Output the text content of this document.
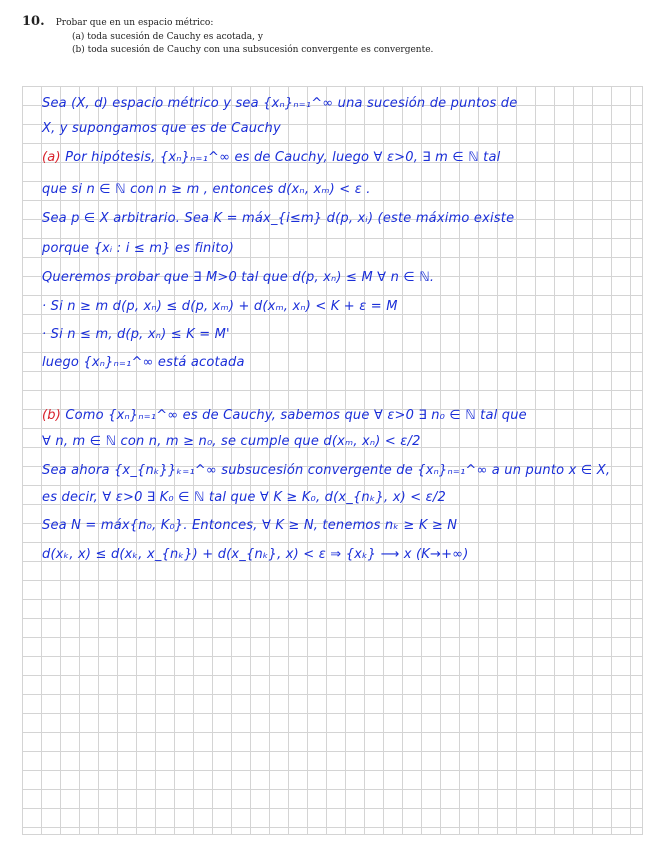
10. Probar que en un espacio métrico:
(a) toda sucesión de Cauchy es acotada, y
(b) toda sucesión de Cauchy con una subsucesión convergente es convergente.
Sea (X, d) espacio métrico y sea {xₙ}ₙ₌₁^∞ una sucesión de puntos de
X, y supongamos que es de Cauchy
(a) Por hipótesis, {xₙ}ₙ₌₁^∞ es de Cauchy, luego ∀ ε>0, ∃ m ∈ ℕ tal
que si n ∈ ℕ con n ≥ m , entonces d(xₙ, xₘ) < ε .
Sea p ∈ X arbitrario. Sea K = máx_{i≤m} d(p, xᵢ) (este máximo existe
porque {xᵢ : i ≤ m} es finito)
Queremos probar que ∃ M>0 tal que d(p, xₙ) ≤ M ∀ n ∈ ℕ.
· Si n ≥ m d(p, xₙ) ≤ d(p, xₘ) + d(xₘ, xₙ) < K + ε = M
· Si n ≤ m, d(p, xₙ) ≤ K = M'
luego {xₙ}ₙ₌₁^∞ está acotada
(b) Como {xₙ}ₙ₌₁^∞ es de Cauchy, sabemos que ∀ ε>0 ∃ n₀ ∈ ℕ tal que
∀ n, m ∈ ℕ con n, m ≥ n₀, se cumple que d(xₘ, xₙ) < ε/2
Sea ahora {x_{nₖ}}ₖ₌₁^∞ subsucesión convergente de {xₙ}ₙ₌₁^∞ a un punto x ∈ X,
es decir, ∀ ε>0 ∃ K₀ ∈ ℕ tal que ∀ K ≥ K₀, d(x_{nₖ}, x) < ε/2
Sea N = máx{n₀, K₀}. Entonces, ∀ K ≥ N, tenemos nₖ ≥ K ≥ N
d(xₖ, x) ≤ d(xₖ, x_{nₖ}) + d(x_{nₖ}, x) < ε ⇒ {xₖ} ⟶ x (K→+∞)
